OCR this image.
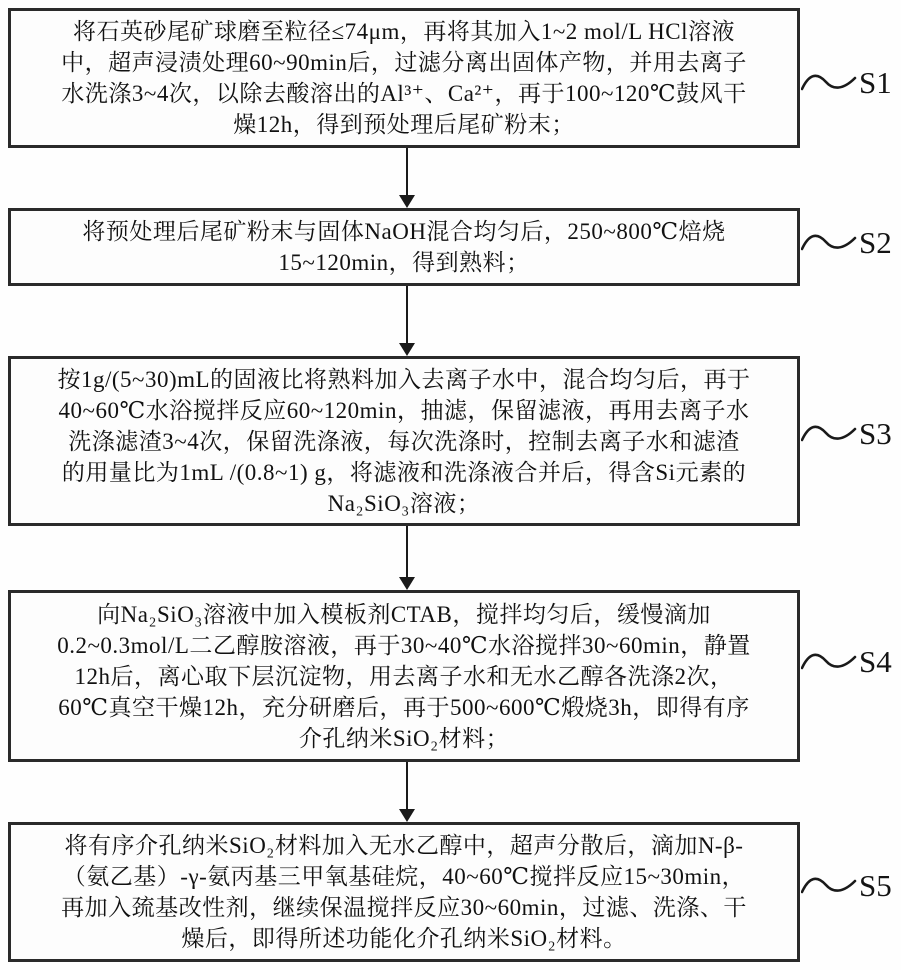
将石英砂尾矿球磨至粒径≤74μm，再将其加入1~2 mol/L HCl溶液
中，超声浸渍处理60~90min后，过滤分离出固体产物，并用去离子
水洗涤3~4次，以除去酸溶出的Al³⁺、Ca²⁺，再于100~120℃鼓风干
燥12h，得到预处理后尾矿粉末；
将预处理后尾矿粉末与固体NaOH混合均匀后，250~800℃焙烧
15~120min，得到熟料；
按1g/(5~30)mL的固液比将熟料加入去离子水中，混合均匀后，再于
40~60℃水浴搅拌反应60~120min，抽滤，保留滤液，再用去离子水
洗涤滤渣3~4次，保留洗涤液，每次洗涤时，控制去离子水和滤渣
的用量比为1mL /(0.8~1) g，将滤液和洗涤液合并后，得含Si元素的
Na₂SiO₃溶液；
向Na₂SiO₃溶液中加入模板剂CTAB，搅拌均匀后，缓慢滴加
0.2~0.3mol/L二乙醇胺溶液，再于30~40℃水浴搅拌30~60min，静置
12h后，离心取下层沉淀物，用去离子水和无水乙醇各洗涤2次，
60℃真空干燥12h，充分研磨后，再于500~600℃煅烧3h，即得有序
介孔纳米SiO₂材料；
将有序介孔纳米SiO₂材料加入无水乙醇中，超声分散后，滴加N-β-
（氨乙基）-γ-氨丙基三甲氧基硅烷，40~60℃搅拌反应15~30min，
再加入巯基改性剂，继续保温搅拌反应30~60min，过滤、洗涤、干
燥后，即得所述功能化介孔纳米SiO₂材料。
S1
S2
S3
S4
S5
